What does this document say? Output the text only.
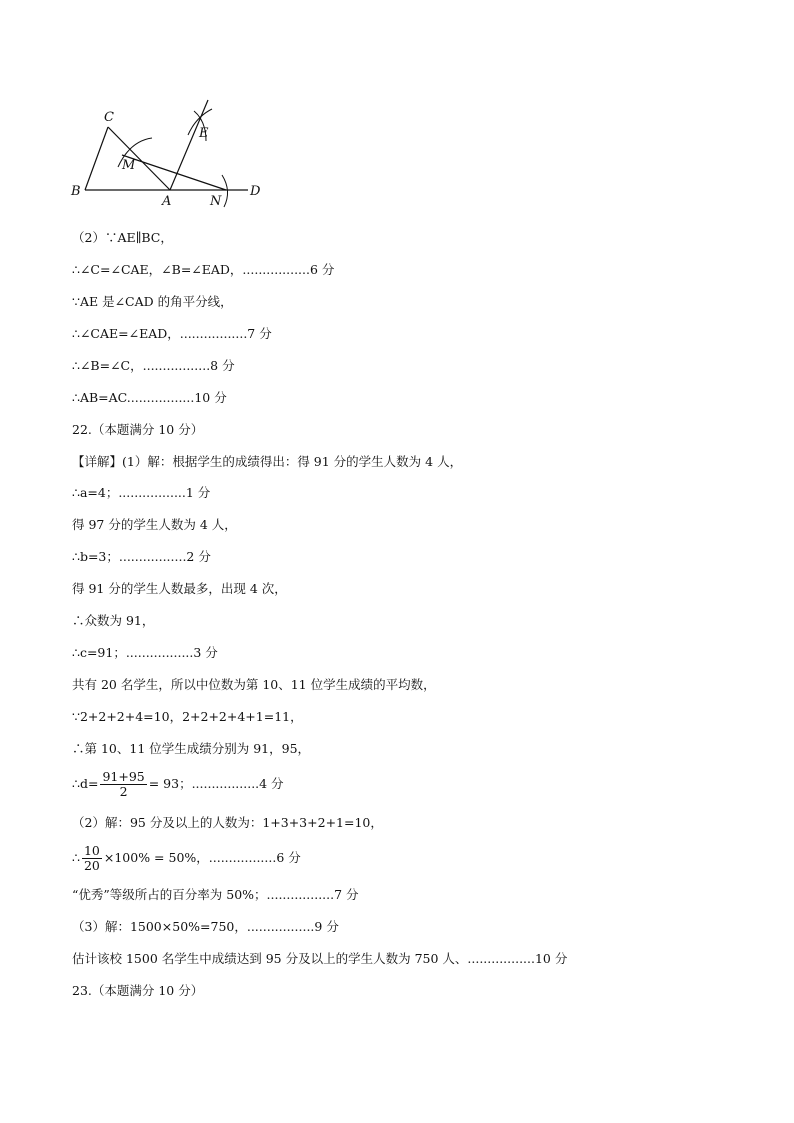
C
E
M
B
A	N
D
（2）∵AE∥BC，
∴∠C=∠CAE，∠B=∠EAD，.................6 分
∵AE 是∠CAD 的角平分线，
∴∠CAE=∠EAD，.................7 分
∴∠B=∠C，.................8 分
∴AB=AC.................10 分
22.（本题满分 10 分）
【详解】(1）解：根据学生的成绩得出：得 91 分的学生人数为 4 人，
∴a=4；.................1 分
得 97 分的学生人数为 4 人，
∴b=3；.................2 分
得 91 分的学生人数最多，出现 4 次，
∴众数为 91，
∴c=91；.................3 分
共有 20 名学生，所以中位数为第 10、11 位学生成绩的平均数，
∵2+2+2+4=10，2+2+2+4+1=11，
∴第 10、11 位学生成绩分别为 91，95，
∴d= $\frac{91+95}{2} = 93$；.................4 分
（2）解：95 分及以上的人数为：1+3+3+2+1=10，
∴ $\frac{10}{20} \times 100\% = 50\%$，.................6 分
“优秀”等级所占的百分率为 50%；.................7 分
（3）解：1500×50%=750，.................9 分
估计该校 1500 名学生中成绩达到 95 分及以上的学生人数为 750 人、.................10 分
23.（本题满分 10 分）
